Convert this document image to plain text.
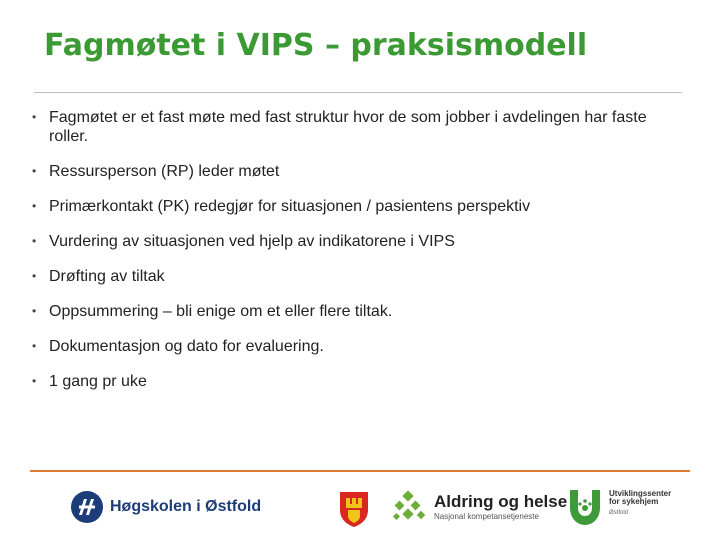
Fagmøtet i VIPS – praksismodell
• Fagmøtet er et fast møte med fast struktur hvor de som jobber i avdelingen har faste roller.
• Ressursperson (RP) leder møtet
• Primærkontakt (PK) redegjør for situasjonen / pasientens perspektiv
• Vurdering av situasjonen ved hjelp av indikatorene i VIPS
• Drøfting av tiltak
• Oppsummering – bli enige om et eller flere tiltak.
• Dokumentasjon og dato for evaluering.
• 1 gang pr uke
Høgskolen i Østfold	Aldring og helse
Nasjonal kompetansetjeneste
Utviklingssenter
for sykehjem
Østfold
